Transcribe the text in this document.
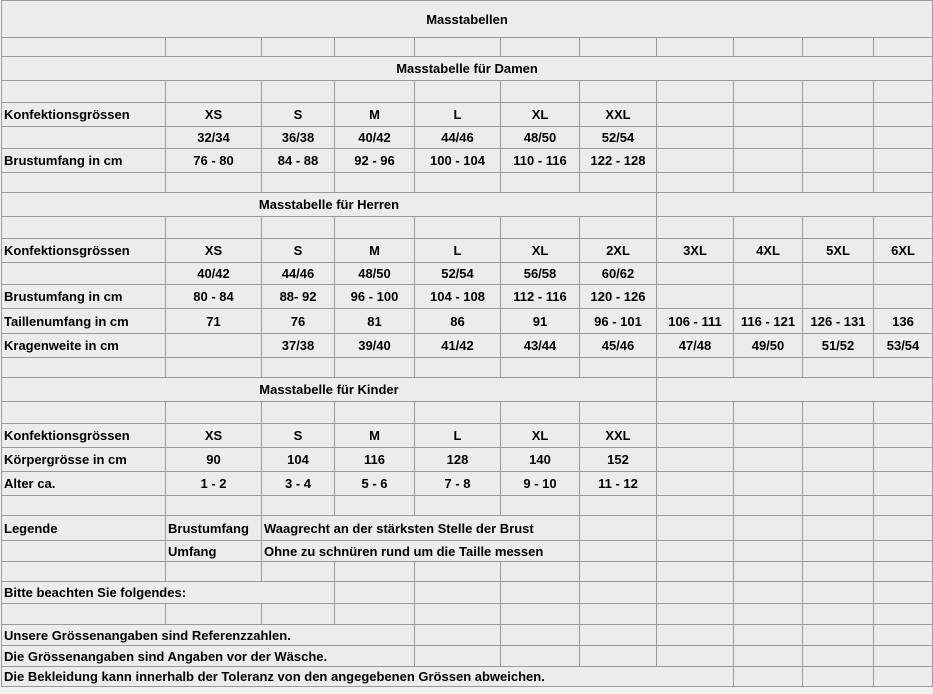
Masstabellen										

Masstabelle für Damen										

Konfektionsgrössen	XS	S	M	L	XL	XXL				
	32/34	36/38	40/42	44/46	48/50	52/54				
Brustumfang in cm	76 - 80	84 - 88	92 - 96	100 - 104	110 - 116	122 - 128				

Masstabelle für Herren										

Konfektionsgrössen	XS	S	M	L	XL	2XL	3XL	4XL	5XL	6XL
	40/42	44/46	48/50	52/54	56/58	60/62				
Brustumfang in cm	80 - 84	88- 92	96 - 100	104 - 108	112 - 116	120 - 126				
Taillenumfang in cm	71	76	81	86	91	96 - 101	106 - 111	116 - 121	126 - 131	136
Kragenweite in cm		37/38	39/40	41/42	43/44	45/46	47/48	49/50	51/52	53/54

Masstabelle für Kinder										

Konfektionsgrössen	XS	S	M	L	XL	XXL				
Körpergrösse in cm	90	104	116	128	140	152				
Alter ca.	1 - 2	3 - 4	5 - 6	7 - 8	9 - 10	11 - 12				

Legende	Brustumfang	Waagrecht an der stärksten Stelle der Brust								
	Umfang	Ohne zu schnüren rund um die Taille messen								

Bitte beachten Sie folgendes:										

Unsere Grössenangaben sind Referenzzahlen.										
Die Grössenangaben sind Angaben vor der Wäsche.										
Die Bekleidung kann innerhalb der Toleranz von den angegebenen Grössen abweichen.										
